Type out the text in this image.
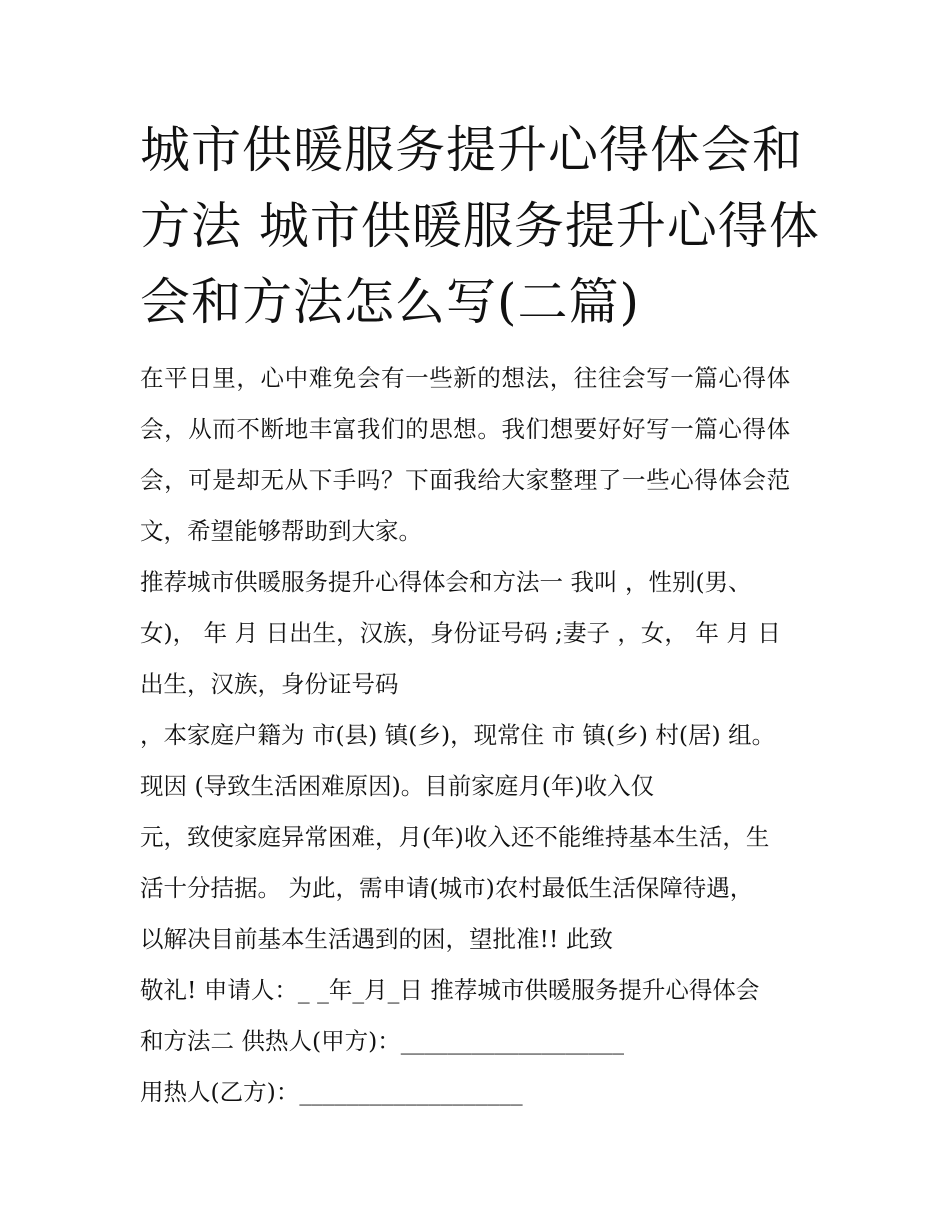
城市供暖服务提升心得体会和
方法 城市供暖服务提升心得体
会和方法怎么写(二篇)
在平日里，心中难免会有一些新的想法，往往会写一篇心得体
会，从而不断地丰富我们的思想。我们想要好好写一篇心得体
会，可是却无从下手吗？下面我给大家整理了一些心得体会范
文，希望能够帮助到大家。
推荐城市供暖服务提升心得体会和方法一 我叫 ，性别(男、
女)， 年 月 日出生，汉族，身份证号码 ;妻子 ，女， 年 月 日
出生，汉族，身份证号码
，本家庭户籍为 市(县) 镇(乡)，现常住 市 镇(乡) 村(居) 组。
现因 (导致生活困难原因)。目前家庭月(年)收入仅
元，致使家庭异常困难，月(年)收入还不能维持基本生活，生
活十分拮据。 为此，需申请(城市)农村最低生活保障待遇，
以解决目前基本生活遇到的困，望批准!! 此致
敬礼! 申请人：_ _年_月_日 推荐城市供暖服务提升心得体会
和方法二 供热人(甲方)：___________________
用热人(乙方)：___________________
